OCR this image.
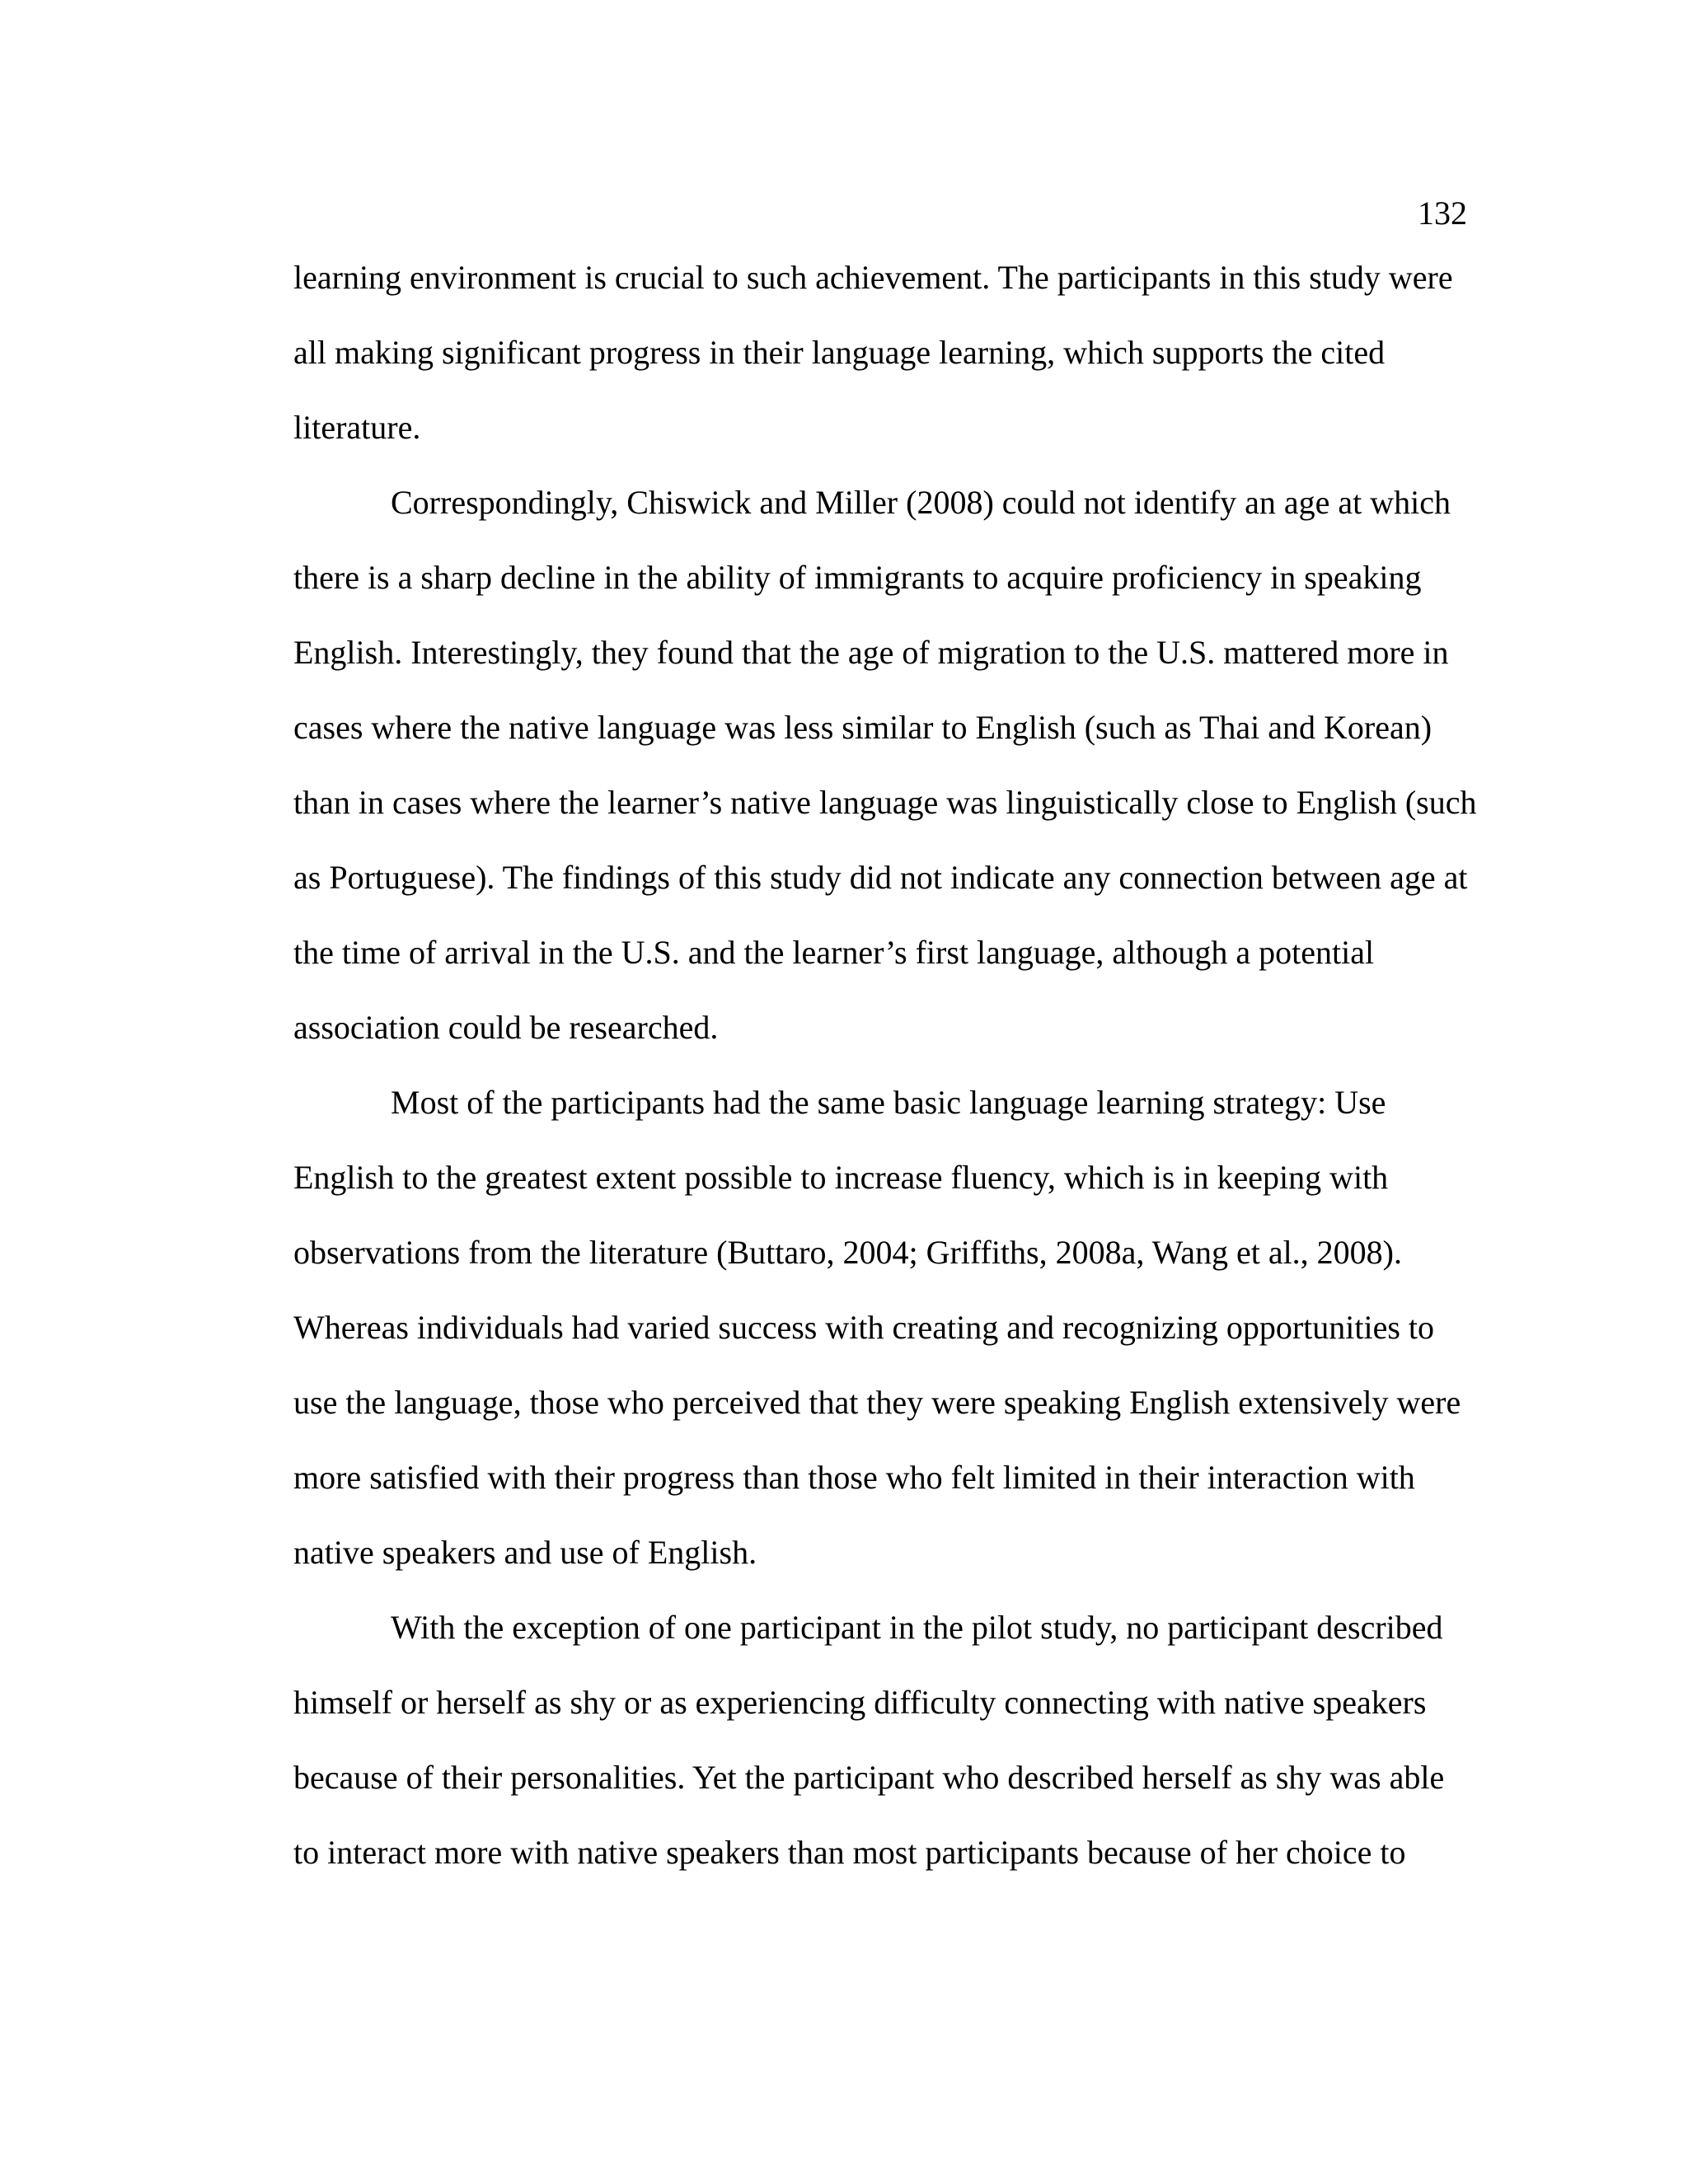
132
learning environment is crucial to such achievement. The participants in this study were
all making significant progress in their language learning, which supports the cited
literature.
Correspondingly, Chiswick and Miller (2008) could not identify an age at which
there is a sharp decline in the ability of immigrants to acquire proficiency in speaking
English. Interestingly, they found that the age of migration to the U.S. mattered more in
cases where the native language was less similar to English (such as Thai and Korean)
than in cases where the learner’s native language was linguistically close to English (such
as Portuguese). The findings of this study did not indicate any connection between age at
the time of arrival in the U.S. and the learner’s first language, although a potential
association could be researched.
Most of the participants had the same basic language learning strategy: Use
English to the greatest extent possible to increase fluency, which is in keeping with
observations from the literature (Buttaro, 2004; Griffiths, 2008a, Wang et al., 2008).
Whereas individuals had varied success with creating and recognizing opportunities to
use the language, those who perceived that they were speaking English extensively were
more satisfied with their progress than those who felt limited in their interaction with
native speakers and use of English.
With the exception of one participant in the pilot study, no participant described
himself or herself as shy or as experiencing difficulty connecting with native speakers
because of their personalities. Yet the participant who described herself as shy was able
to interact more with native speakers than most participants because of her choice to
